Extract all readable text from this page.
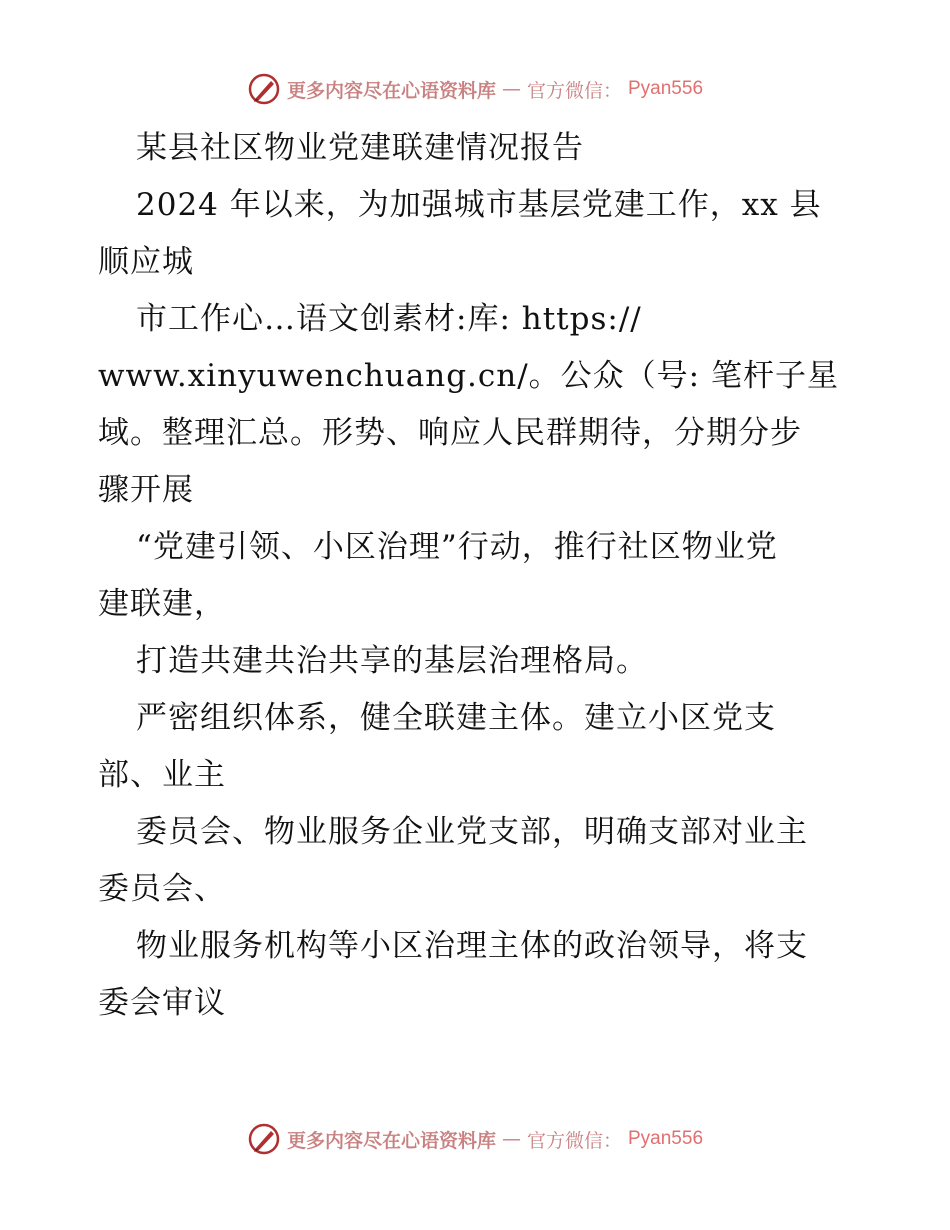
更多内容尽在心语资料库 — 官方微信： Pyan556
某县社区物业党建联建情况报告
2024 年以来，为加强城市基层党建工作，xx 县
顺应城
市工作心…语文创素材:库: https://
www.xinyuwenchuang.cn/。公众（号: 笔杆子星
域。整理汇总。形势、响应人民群期待，分期分步
骤开展
“党建引领、小区治理”行动，推行社区物业党
建联建，
打造共建共治共享的基层治理格局。
严密组织体系，健全联建主体。建立小区党支
部、业主
委员会、物业服务企业党支部，明确支部对业主
委员会、
物业服务机构等小区治理主体的政治领导，将支
委会审议
更多内容尽在心语资料库 — 官方微信： Pyan556
